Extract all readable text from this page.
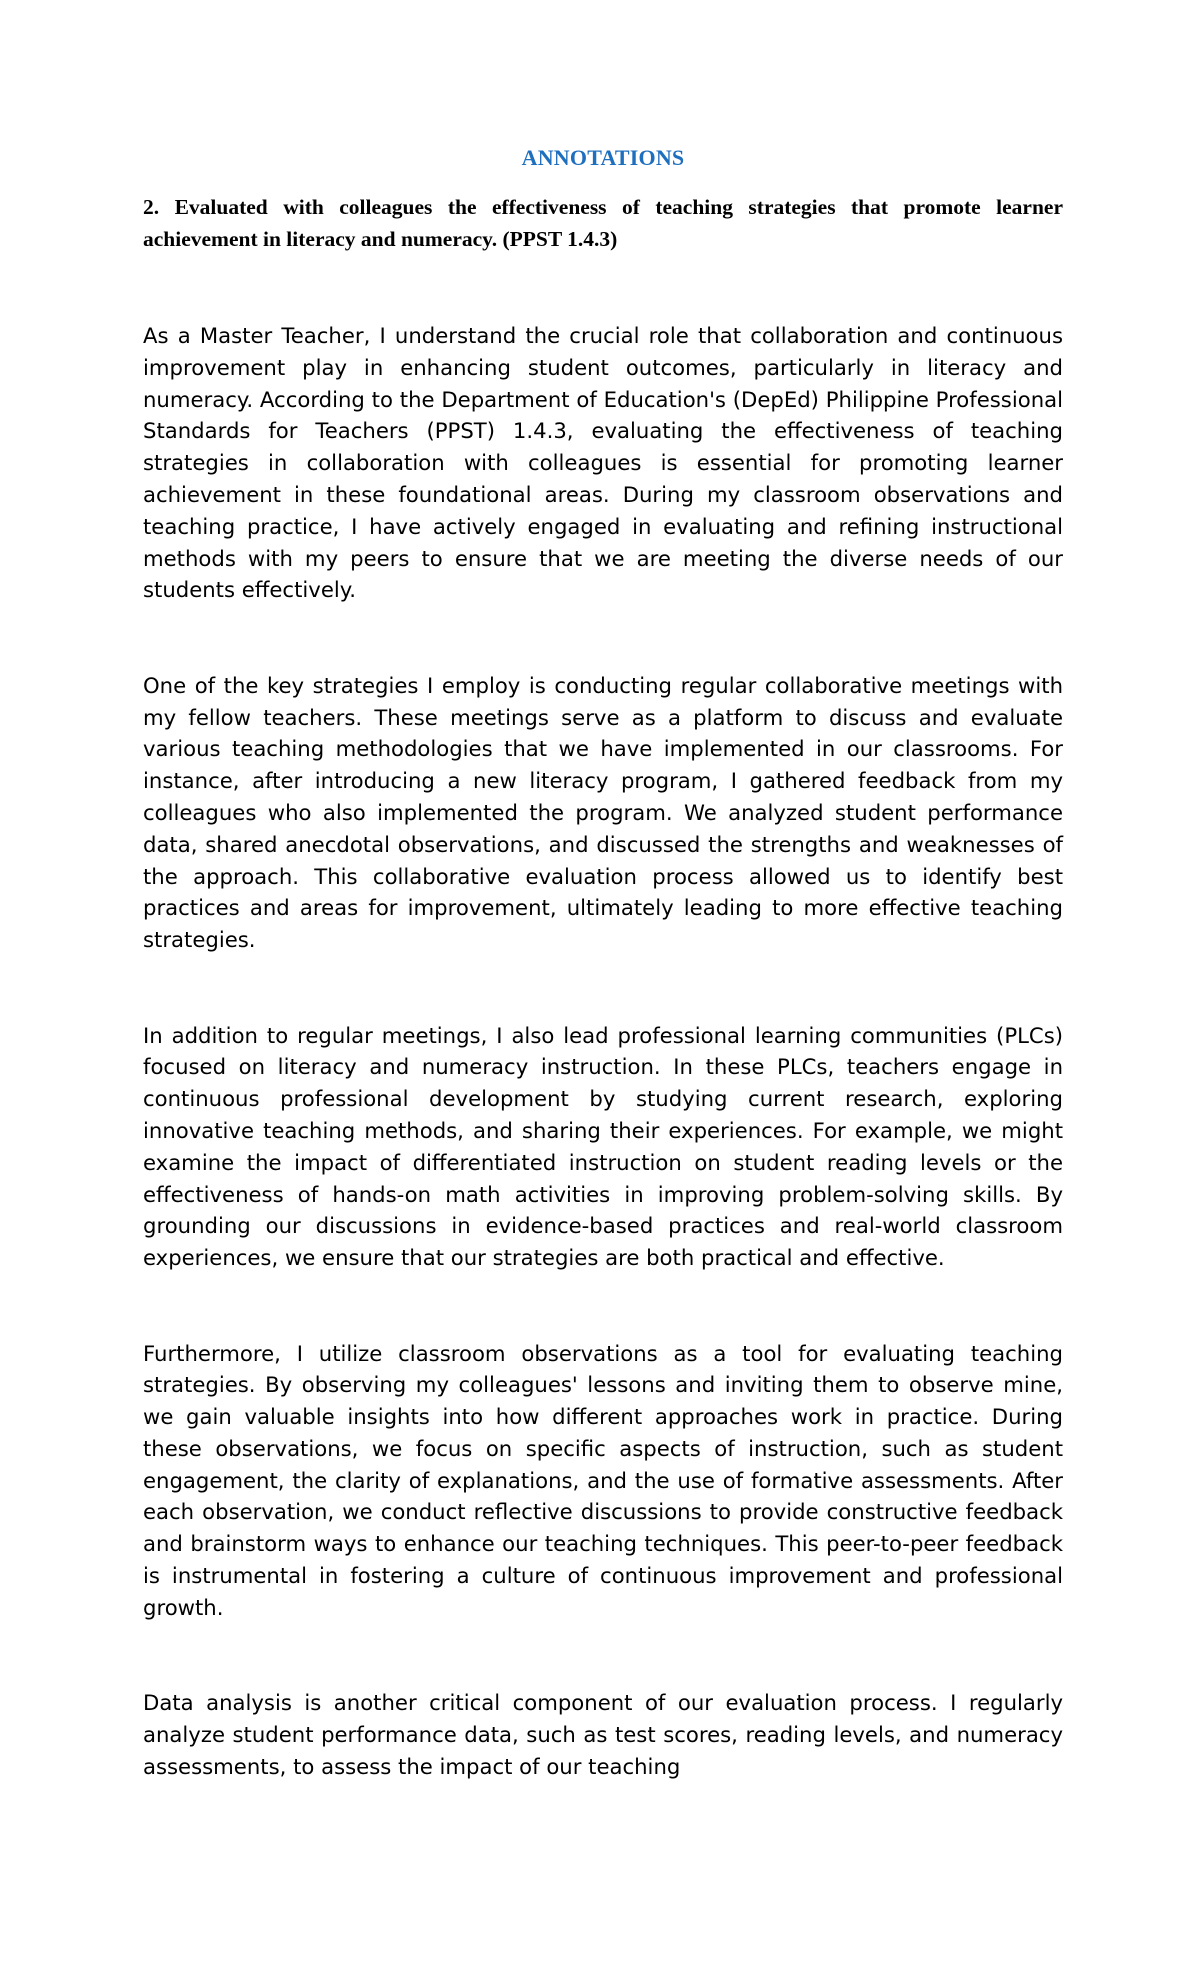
ANNOTATIONS

2. Evaluated with colleagues the effectiveness of teaching strategies that promote learner achievement in literacy and numeracy. (PPST 1.4.3)

As a Master Teacher, I understand the crucial role that collaboration and continuous improvement play in enhancing student outcomes, particularly in literacy and numeracy. According to the Department of Education's (DepEd) Philippine Professional Standards for Teachers (PPST) 1.4.3, evaluating the effectiveness of teaching strategies in collaboration with colleagues is essential for promoting learner achievement in these foundational areas. During my classroom observations and teaching practice, I have actively engaged in evaluating and refining instructional methods with my peers to ensure that we are meeting the diverse needs of our students effectively.

One of the key strategies I employ is conducting regular collaborative meetings with my fellow teachers. These meetings serve as a platform to discuss and evaluate various teaching methodologies that we have implemented in our classrooms. For instance, after introducing a new literacy program, I gathered feedback from my colleagues who also implemented the program. We analyzed student performance data, shared anecdotal observations, and discussed the strengths and weaknesses of the approach. This collaborative evaluation process allowed us to identify best practices and areas for improvement, ultimately leading to more effective teaching strategies.

In addition to regular meetings, I also lead professional learning communities (PLCs) focused on literacy and numeracy instruction. In these PLCs, teachers engage in continuous professional development by studying current research, exploring innovative teaching methods, and sharing their experiences. For example, we might examine the impact of differentiated instruction on student reading levels or the effectiveness of hands-on math activities in improving problem-solving skills. By grounding our discussions in evidence-based practices and real-world classroom experiences, we ensure that our strategies are both practical and effective.

Furthermore, I utilize classroom observations as a tool for evaluating teaching strategies. By observing my colleagues' lessons and inviting them to observe mine, we gain valuable insights into how different approaches work in practice. During these observations, we focus on specific aspects of instruction, such as student engagement, the clarity of explanations, and the use of formative assessments. After each observation, we conduct reflective discussions to provide constructive feedback and brainstorm ways to enhance our teaching techniques. This peer-to-peer feedback is instrumental in fostering a culture of continuous improvement and professional growth.

Data analysis is another critical component of our evaluation process. I regularly analyze student performance data, such as test scores, reading levels, and numeracy assessments, to assess the impact of our teaching
